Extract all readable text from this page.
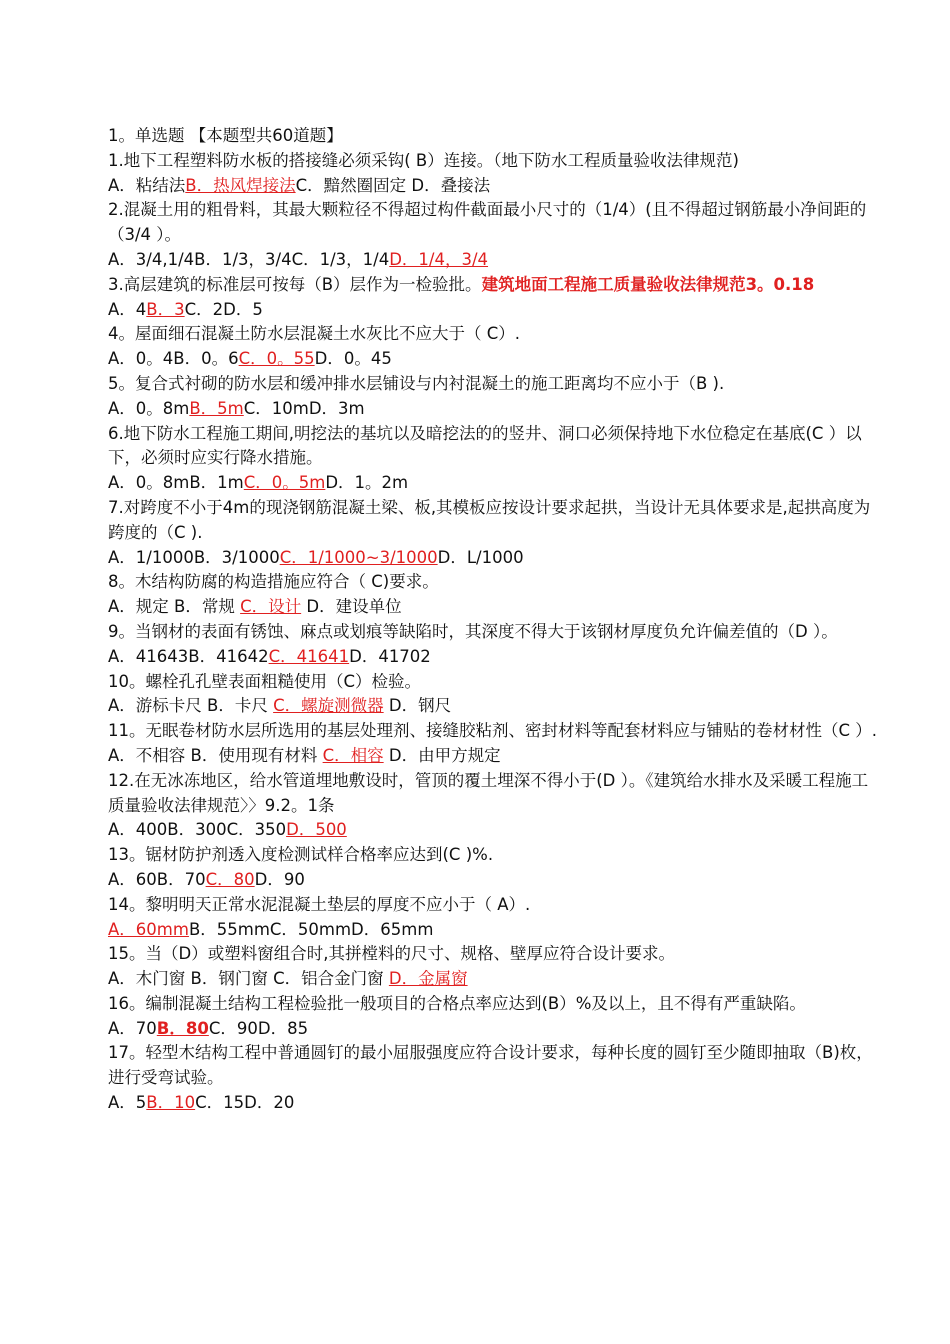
1。单选题 【本题型共60道题】
1.地下工程塑料防水板的搭接缝必须采钩( B）连接。（地下防水工程质量验收法律规范)
A．粘结法B．热风焊接法C．黯然圈固定 D．叠接法
2.混凝土用的粗骨料，其最大颗粒径不得超过构件截面最小尺寸的（1/4）(且不得超过钢筋最小净间距的（3/4 ）。
A．3/4,1/4B．1/3，3/4C．1/3，1/4D．1/4，3/4
3.高层建筑的标准层可按每（B）层作为一检验批。建筑地面工程施工质量验收法律规范3。0.18
A．4B．3C．2D．5
4。屋面细石混凝土防水层混凝土水灰比不应大于（ C）.
A．0。4B．0。6C．0。55D．0。45
5。复合式衬砌的防水层和缓冲排水层铺设与内衬混凝土的施工距离均不应小于（B ).
A．0。8mB．5mC．10mD．3m
6.地下防水工程施工期间,明挖法的基坑以及暗挖法的的竖井、洞口必须保持地下水位稳定在基底(C ）以下，必须时应实行降水措施。
A．0。8mB．1mC．0。5mD．1。2m
7.对跨度不小于4m的现浇钢筋混凝土梁、板,其模板应按设计要求起拱，当设计无具体要求是,起拱高度为跨度的（C ).
A．1/1000B．3/1000C．1/1000~3/1000D．L/1000
8。木结构防腐的构造措施应符合（ C)要求。
A．规定 B．常规 C．设计 D．建设单位
9。当钢材的表面有锈蚀、麻点或划痕等缺陷时，其深度不得大于该钢材厚度负允许偏差值的（D ）。
A．41643B．41642C．41641D．41702
10。螺栓孔孔壁表面粗糙使用（C）检验。
A．游标卡尺 B．卡尺 C．螺旋测微器 D．钢尺
11。无眠卷材防水层所选用的基层处理剂、接缝胶粘剂、密封材料等配套材料应与铺贴的卷材材性（C ）.
A．不相容 B．使用现有材料 C．相容 D．由甲方规定
12.在无冰冻地区，给水管道埋地敷设时，管顶的覆土埋深不得小于(D ）。《建筑给水排水及采暖工程施工质量验收法律规范〉〉9.2。1条
A．400B．300C．350D．500
13。锯材防护剂透入度检测试样合格率应达到(C )%.
A．60B．70C．80D．90
14。黎明明天正常水泥混凝土垫层的厚度不应小于（ A）.
A．60mmB．55mmC．50mmD．65mm
15。当（D）或塑料窗组合时,其拼樘料的尺寸、规格、壁厚应符合设计要求。
A．木门窗 B．钢门窗 C．铝合金门窗 D．金属窗
16。编制混凝土结构工程检验批一般项目的合格点率应达到(B）%及以上，且不得有严重缺陷。
A．70B．80C．90D．85
17。轻型木结构工程中普通圆钉的最小屈服强度应符合设计要求，每种长度的圆钉至少随即抽取（B)枚，进行受弯试验。
A．5B．10C．15D．20
